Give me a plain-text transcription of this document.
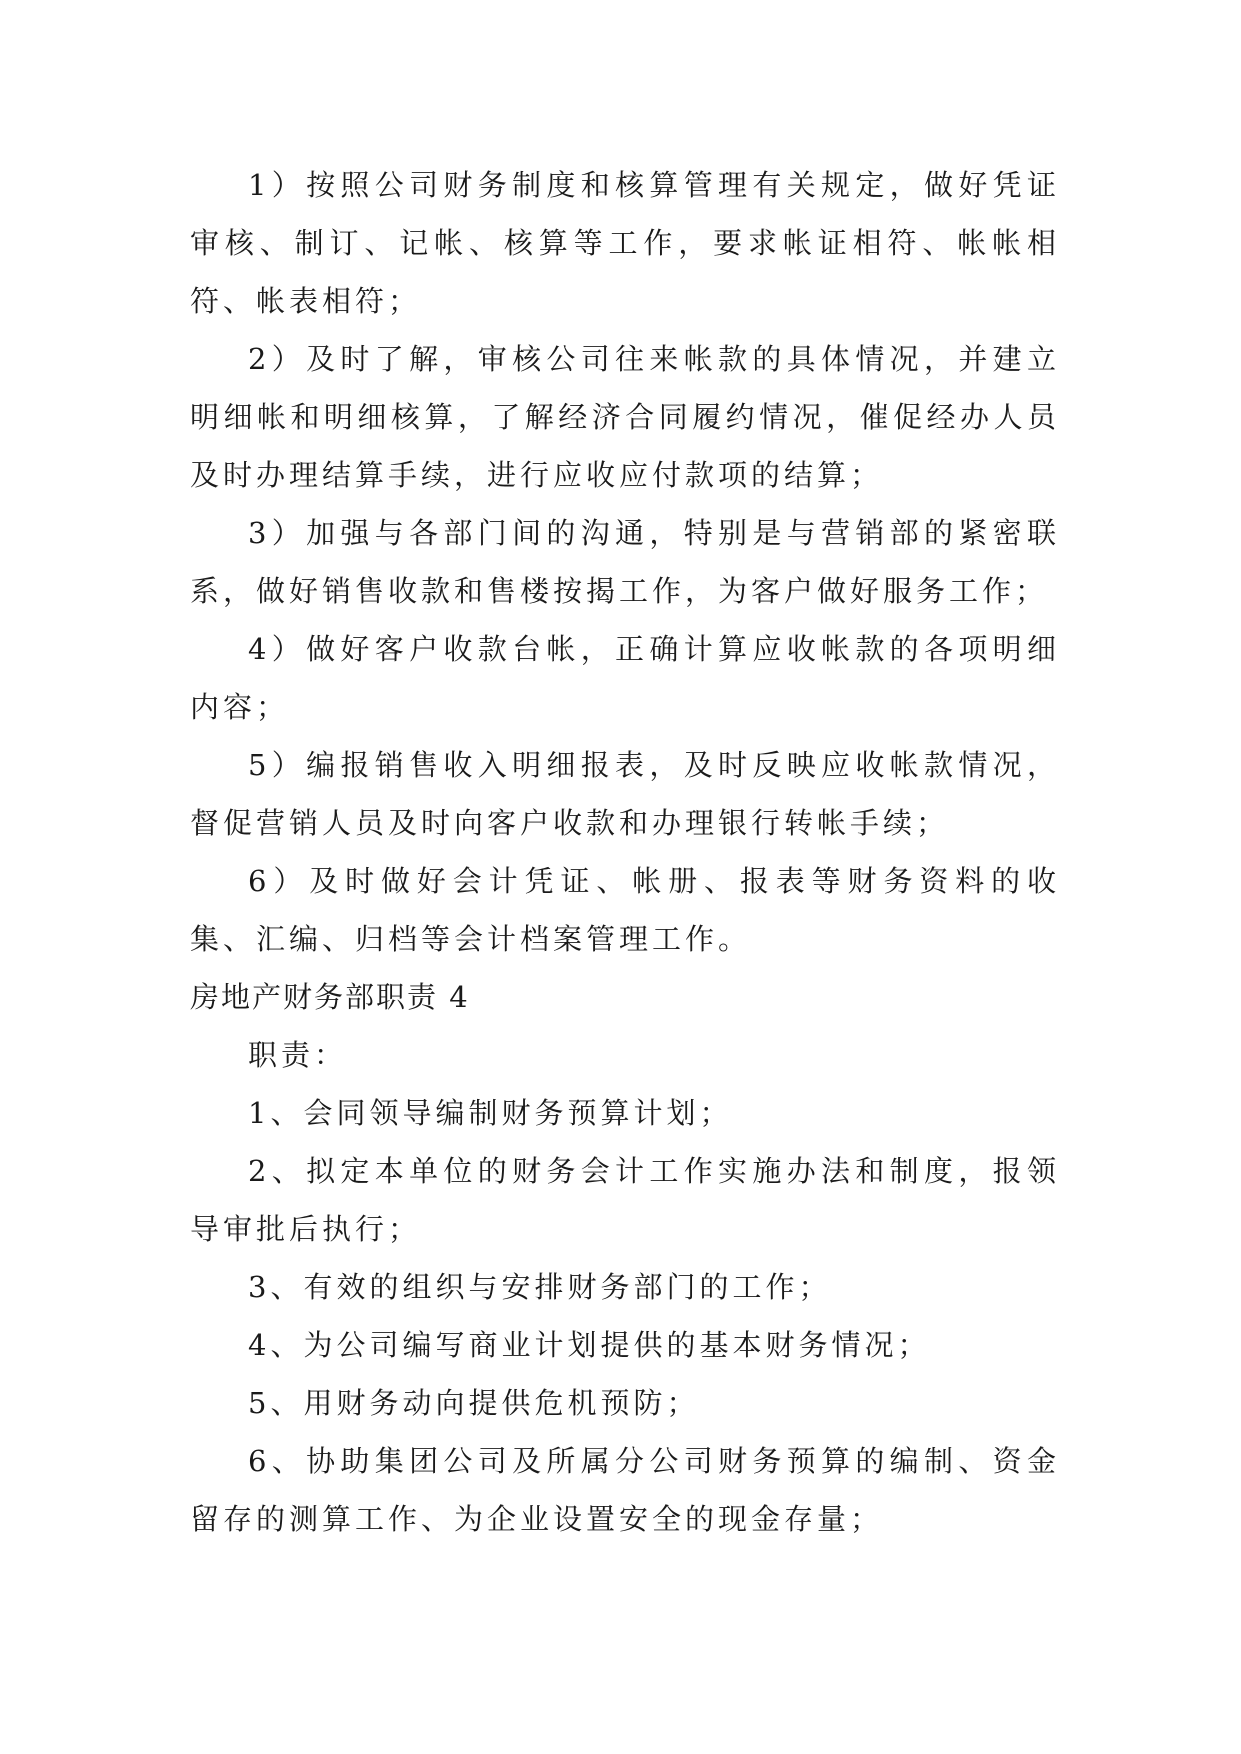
1）按照公司财务制度和核算管理有关规定，做好凭证审核、制订、记帐、核算等工作，要求帐证相符、帐帐相符、帐表相符；

2）及时了解，审核公司往来帐款的具体情况，并建立明细帐和明细核算，了解经济合同履约情况，催促经办人员及时办理结算手续，进行应收应付款项的结算；

3）加强与各部门间的沟通，特别是与营销部的紧密联系，做好销售收款和售楼按揭工作，为客户做好服务工作；

4）做好客户收款台帐，正确计算应收帐款的各项明细内容；

5）编报销售收入明细报表，及时反映应收帐款情况，督促营销人员及时向客户收款和办理银行转帐手续；

6）及时做好会计凭证、帐册、报表等财务资料的收集、汇编、归档等会计档案管理工作。

房地产财务部职责 4

职责：

1、会同领导编制财务预算计划；

2、拟定本单位的财务会计工作实施办法和制度，报领导审批后执行；

3、有效的组织与安排财务部门的工作；

4、为公司编写商业计划提供的基本财务情况；

5、用财务动向提供危机预防；

6、协助集团公司及所属分公司财务预算的编制、资金留存的测算工作、为企业设置安全的现金存量；
